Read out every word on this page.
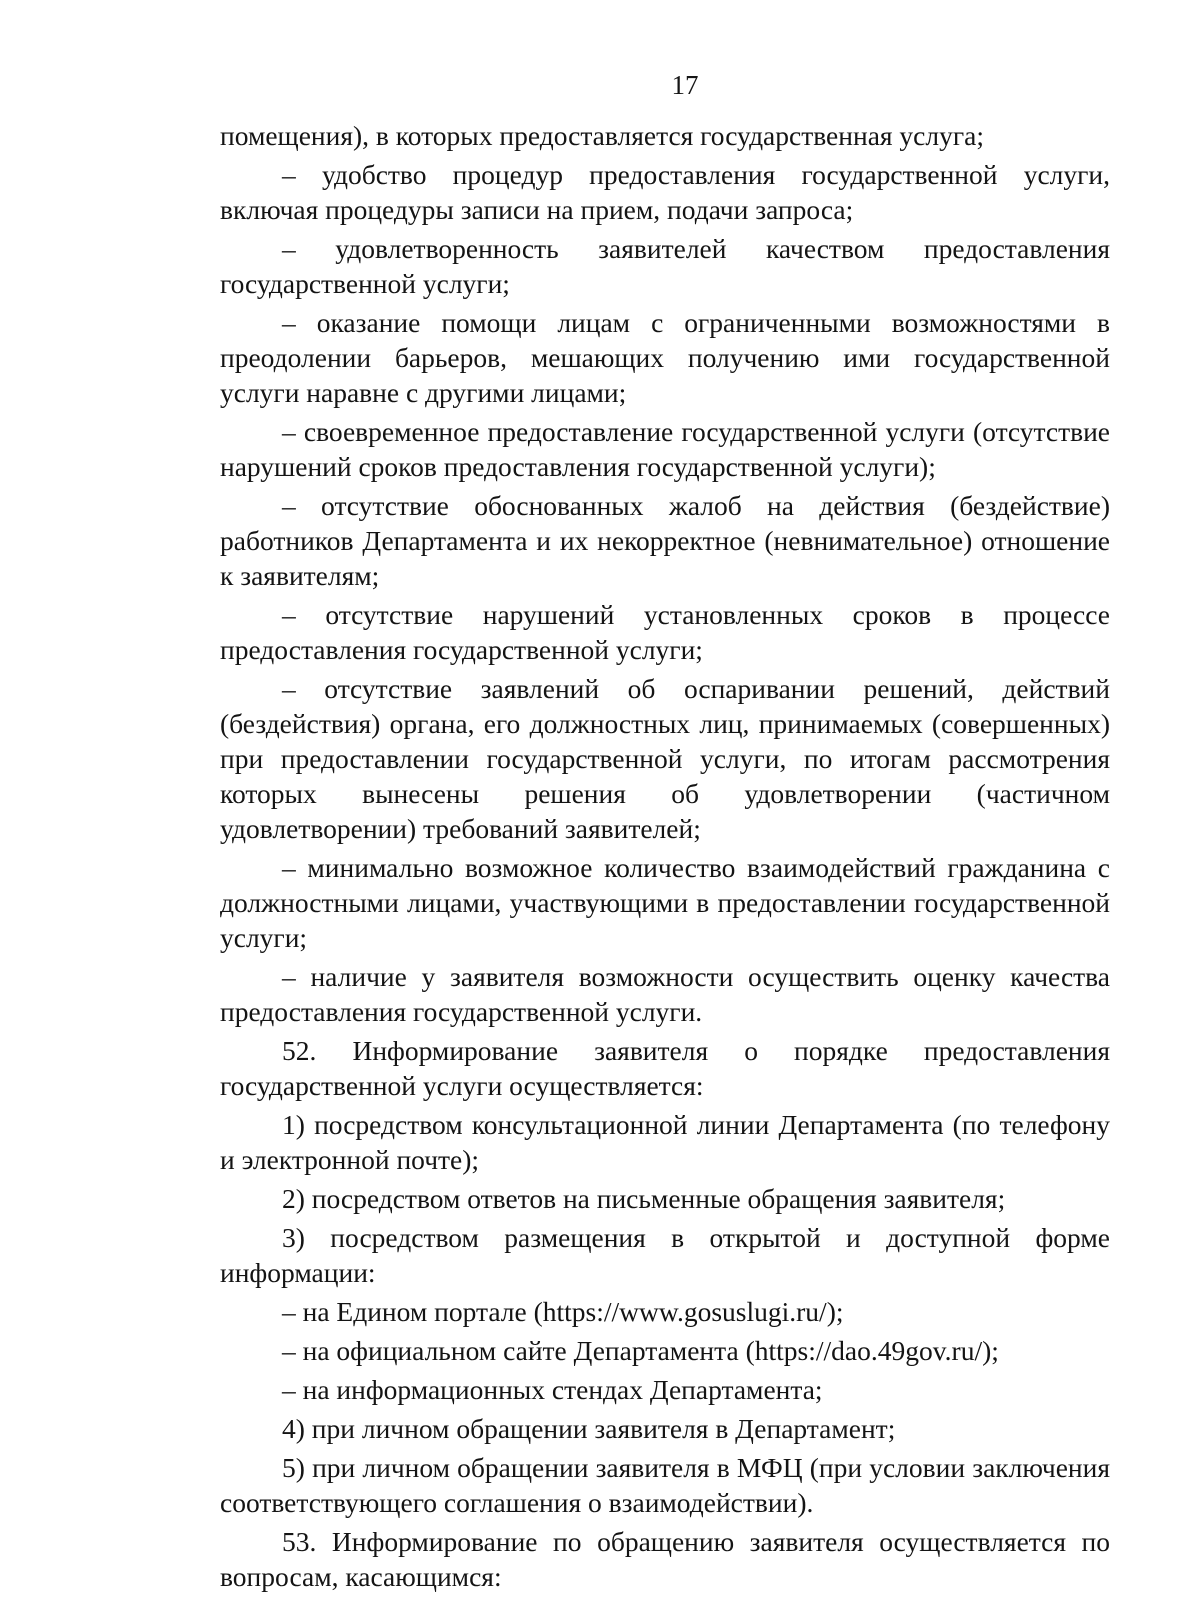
17

помещения), в которых предоставляется государственная услуга;

– удобство процедур предоставления государственной услуги, включая процедуры записи на прием, подачи запроса;

– удовлетворенность заявителей качеством предоставления государственной услуги;

– оказание помощи лицам с ограниченными возможностями в преодолении барьеров, мешающих получению ими государственной услуги наравне с другими лицами;

– своевременное предоставление государственной услуги (отсутствие нарушений сроков предоставления государственной услуги);

– отсутствие обоснованных жалоб на действия (бездействие) работников Департамента и их некорректное (невнимательное) отношение к заявителям;

– отсутствие нарушений установленных сроков в процессе предоставления государственной услуги;

– отсутствие заявлений об оспаривании решений, действий (бездействия) органа, его должностных лиц, принимаемых (совершенных) при предоставлении государственной услуги, по итогам рассмотрения которых вынесены решения об удовлетворении (частичном удовлетворении) требований заявителей;

– минимально возможное количество взаимодействий гражданина с должностными лицами, участвующими в предоставлении государственной услуги;

– наличие у заявителя возможности осуществить оценку качества предоставления государственной услуги.

52. Информирование заявителя о порядке предоставления государственной услуги осуществляется:

1) посредством консультационной линии Департамента (по телефону и электронной почте);

2) посредством ответов на письменные обращения заявителя;

3) посредством размещения в открытой и доступной форме информации:

– на Едином портале (https://www.gosuslugi.ru/);

– на официальном сайте Департамента (https://dao.49gov.ru/);

– на информационных стендах Департамента;

4) при личном обращении заявителя в Департамент;

5) при личном обращении заявителя в МФЦ (при условии заключения соответствующего соглашения о взаимодействии).

53. Информирование по обращению заявителя осуществляется по вопросам, касающимся:
